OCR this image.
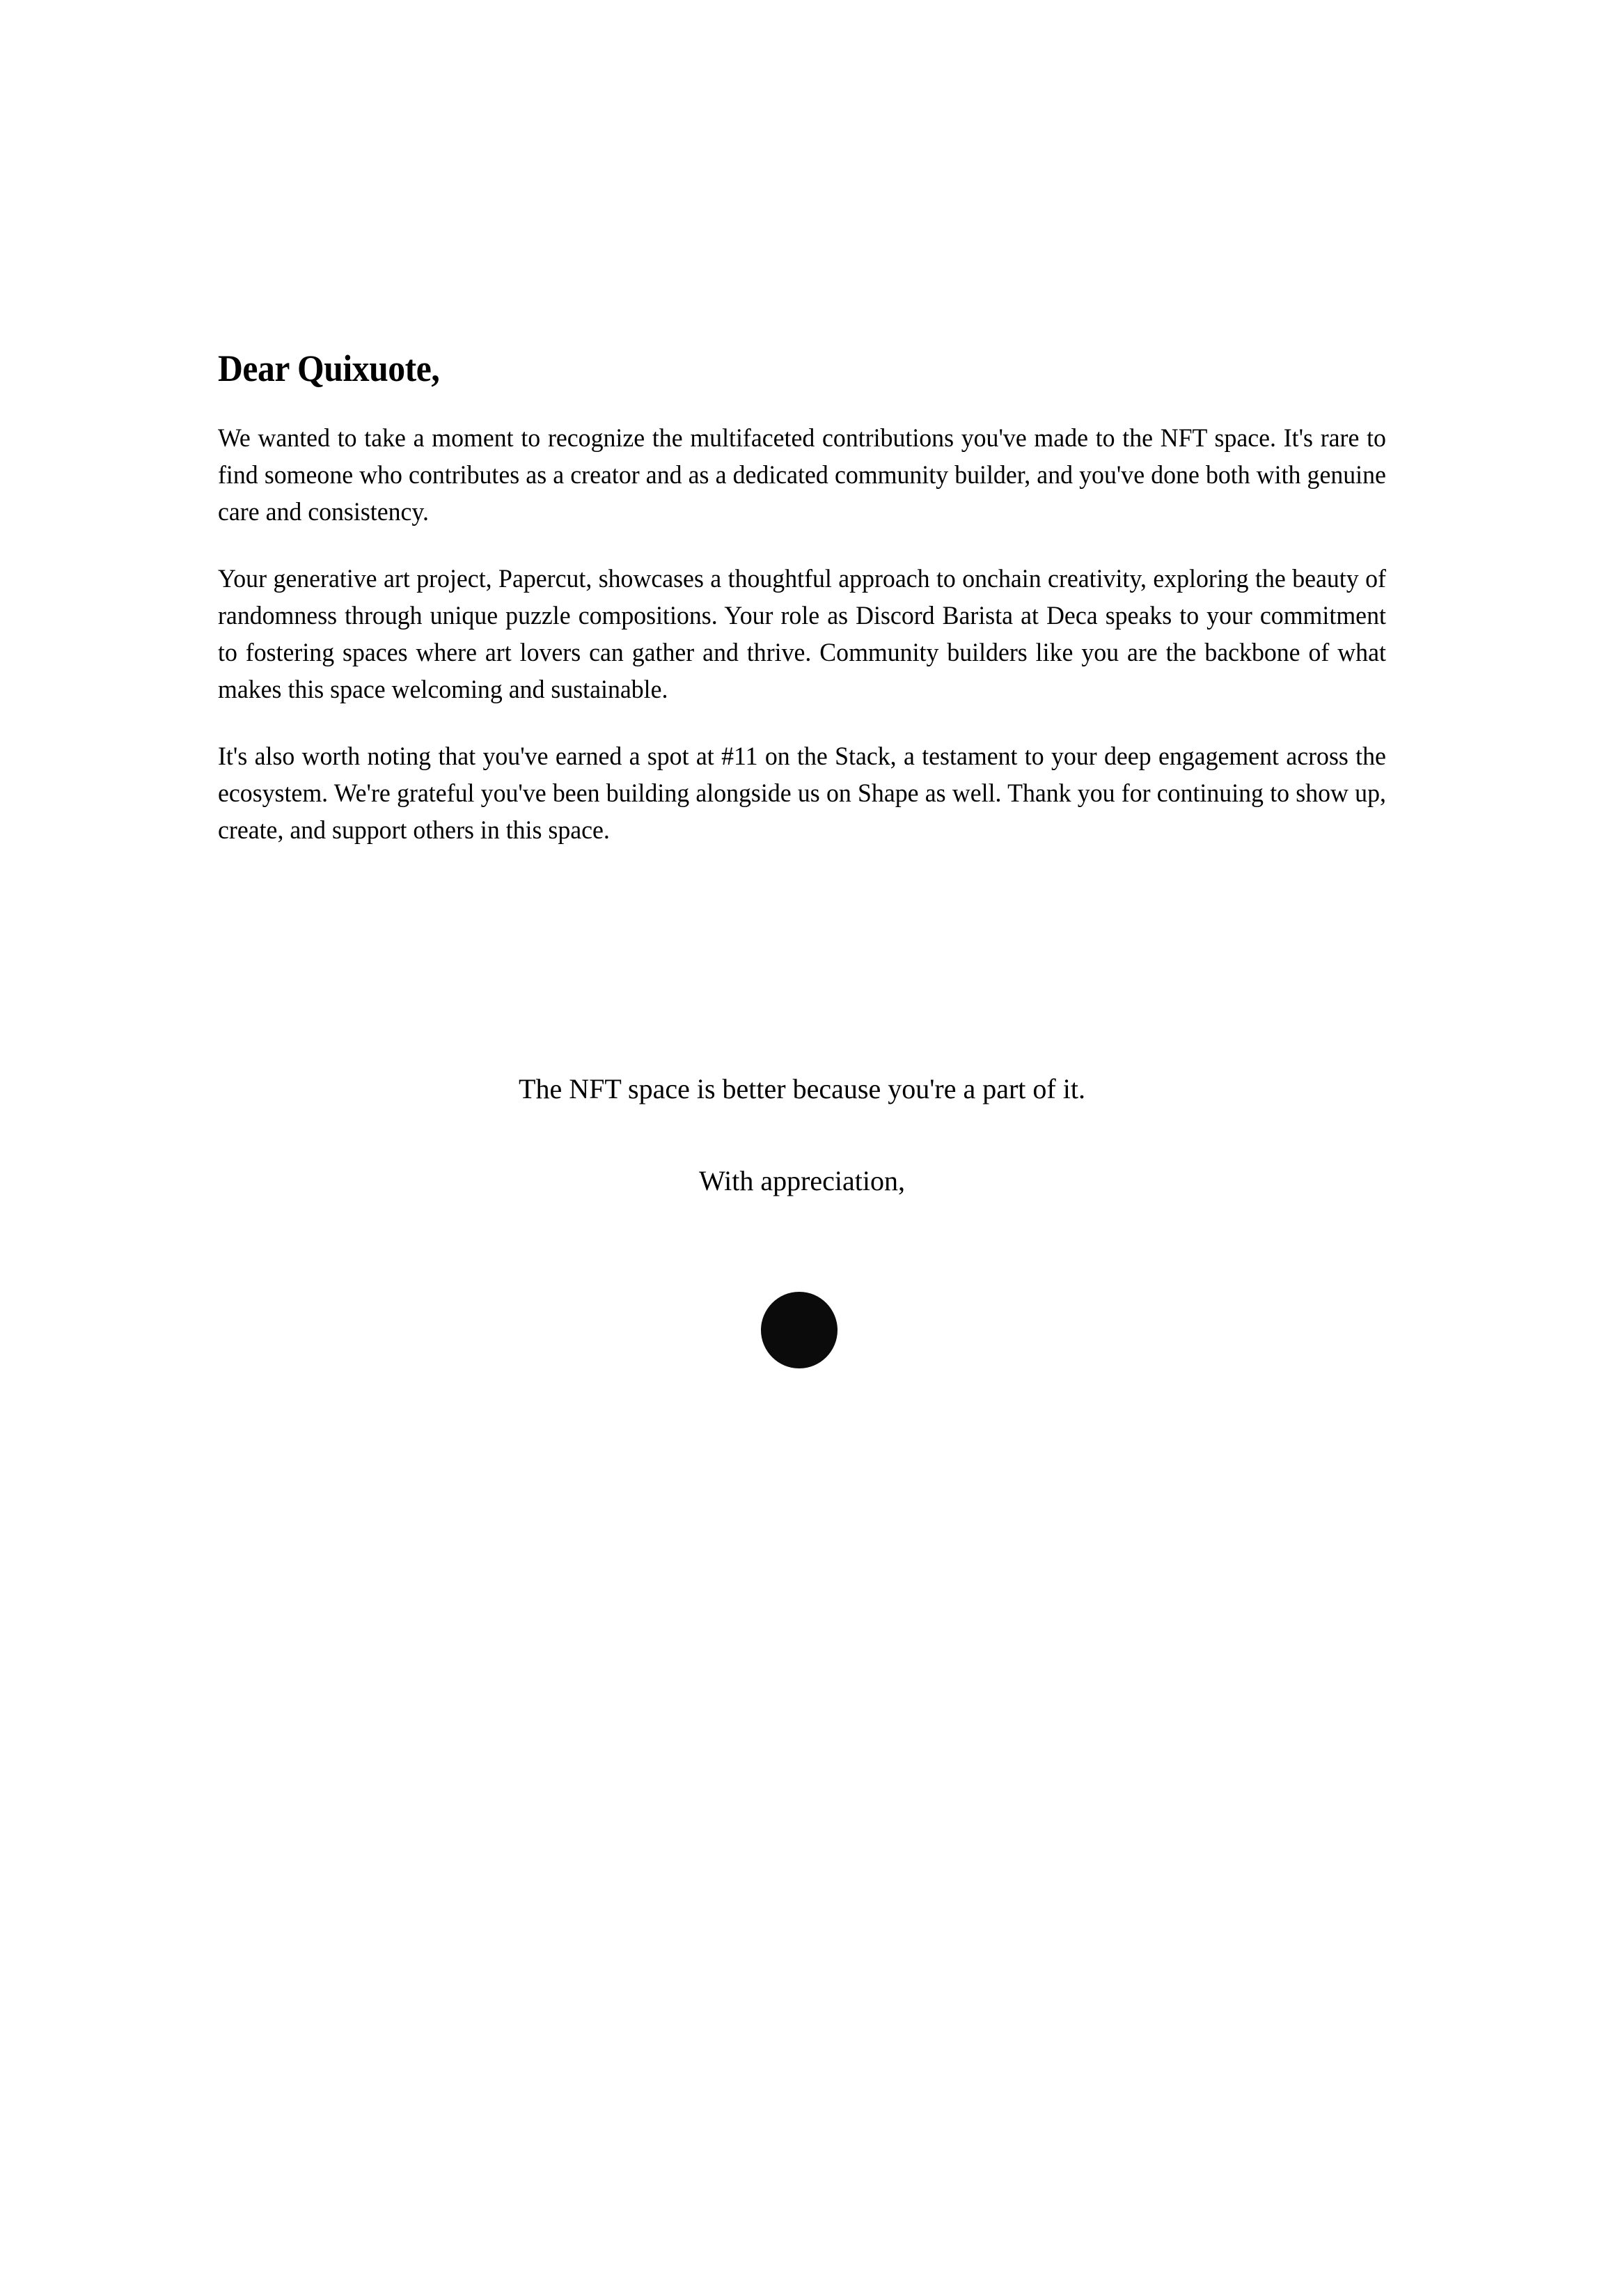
Dear Quixuote,

We wanted to take a moment to recognize the multifaceted contributions you've made to the NFT space. It's rare to find someone who contributes as a creator and as a dedicated community builder, and you've done both with genuine care and consistency.

Your generative art project, Papercut, showcases a thoughtful approach to onchain creativity, exploring the beauty of randomness through unique puzzle compositions. Your role as Discord Barista at Deca speaks to your commitment to fostering spaces where art lovers can gather and thrive. Community builders like you are the backbone of what makes this space welcoming and sustainable.

It's also worth noting that you've earned a spot at #11 on the Stack, a testament to your deep engagement across the ecosystem. We're grateful you've been building alongside us on Shape as well. Thank you for continuing to show up, create, and support others in this space.

The NFT space is better because you're a part of it.
With appreciation,
